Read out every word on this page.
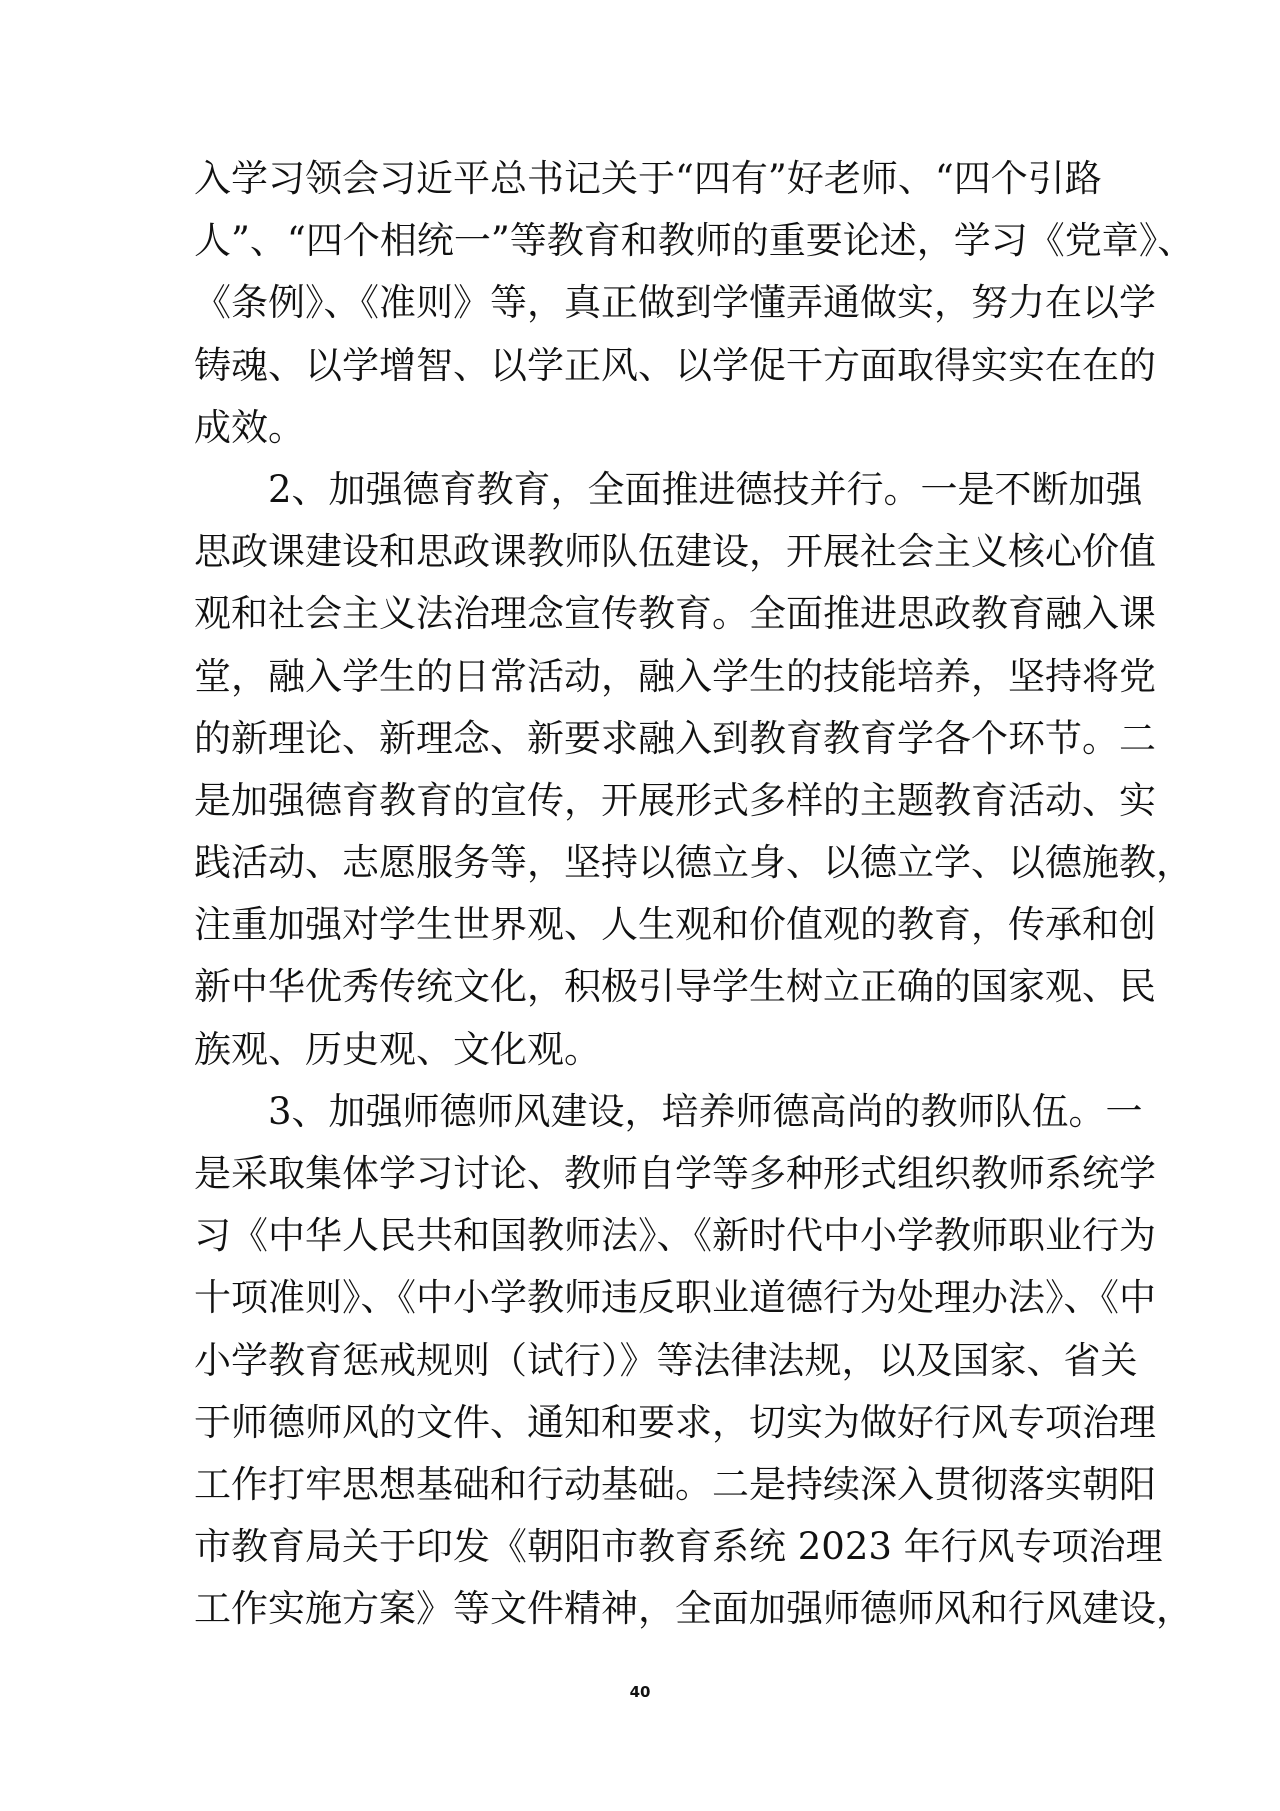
入学习领会习近平总书记关于“四有”好老师、“四个引路
人”、“四个相统一”等教育和教师的重要论述，学习《党章》、
《条例》、《准则》等，真正做到学懂弄通做实，努力在以学
铸魂、以学增智、以学正风、以学促干方面取得实实在在的
成效。
2、加强德育教育，全面推进德技并行。一是不断加强
思政课建设和思政课教师队伍建设，开展社会主义核心价值
观和社会主义法治理念宣传教育。全面推进思政教育融入课
堂，融入学生的日常活动，融入学生的技能培养，坚持将党
的新理论、新理念、新要求融入到教育教育学各个环节。二
是加强德育教育的宣传，开展形式多样的主题教育活动、实
践活动、志愿服务等，坚持以德立身、以德立学、以德施教，
注重加强对学生世界观、人生观和价值观的教育，传承和创
新中华优秀传统文化，积极引导学生树立正确的国家观、民
族观、历史观、文化观。
3、加强师德师风建设，培养师德高尚的教师队伍。一
是采取集体学习讨论、教师自学等多种形式组织教师系统学
习《中华人民共和国教师法》、《新时代中小学教师职业行为
十项准则》、《中小学教师违反职业道德行为处理办法》、《中
小学教育惩戒规则（试行）》等法律法规，以及国家、省关
于师德师风的文件、通知和要求，切实为做好行风专项治理
工作打牢思想基础和行动基础。二是持续深入贯彻落实朝阳
市教育局关于印发《朝阳市教育系统 2023 年行风专项治理
工作实施方案》等文件精神，全面加强师德师风和行风建设，
40
